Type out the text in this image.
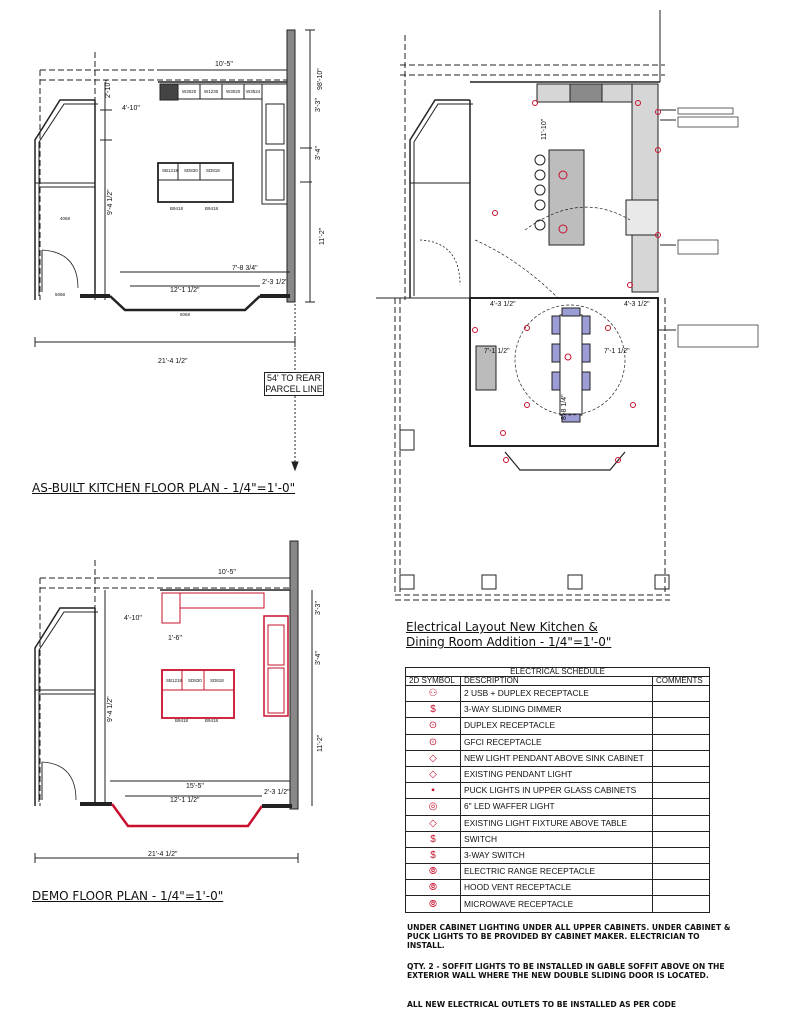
21'-4 1/2"
98'-10"
11'-2"
3'-4"
3'-3"
10'-5"
4'-10"
2'-10"
9'-4 1/2"
12'-1 1/2"
2'-3 1/2"
7'-8 3/4"
W3020 W1230 W3020 W3524
SB1218 SD830 SD818
B9418	B9418
4068
5068
6068
21'-4 1/2"
11'-2"
3'-4"
3'-3"
10'-5"
4'-10"
9'-4 1/2"
1'-6"
12'-1 1/2"
15'-5"
2'-3 1/2"
SB1218 SD830 SD818
B9418	B9418
4'-3 1/2"	4'-3 1/2"
7'-1 1/2"	7'-1 1/2"
8'-8 1/4"
11'-10"
AS-BUILT KITCHEN FLOOR PLAN - 1/4"=1'-0"
DEMO FLOOR PLAN - 1/4"=1'-0"
Electrical Layout New Kitchen &
Dining Room Addition - 1/4"=1'-0"
54' TO REAR
PARCEL LINE
ELECTRICAL SCHEDULE		
2D SYMBOL	DESCRIPTION	COMMENTS
⚇	2 USB + DUPLEX RECEPTACLE	
$	3-WAY SLIDING DIMMER	
⊙	DUPLEX RECEPTACLE	
⊙	GFCI RECEPTACLE	
◇	NEW LIGHT PENDANT ABOVE SINK CABINET	
◇	EXISTING PENDANT LIGHT	
▪	PUCK LIGHTS IN UPPER GLASS CABINETS	
◎	6" LED WAFFER LIGHT	
◇	EXISTING LIGHT FIXTURE ABOVE TABLE	
$	SWITCH	
$	3-WAY SWITCH	
⦾	ELECTRIC RANGE RECEPTACLE	
⦾	HOOD VENT RECEPTACLE	
⦾	MICROWAVE RECEPTACLE	
UNDER CABINET LIGHTING UNDER ALL UPPER CABINETS. UNDER CABINET & PUCK LIGHTS TO BE PROVIDED BY CABINET MAKER. ELECTRICIAN TO INSTALL.
QTY. 2 - SOFFIT LIGHTS TO BE INSTALLED IN GABLE SOFFIT ABOVE ON THE EXTERIOR WALL WHERE THE NEW DOUBLE SLIDING DOOR IS LOCATED.
ALL NEW ELECTRICAL OUTLETS TO BE INSTALLED AS PER CODE
